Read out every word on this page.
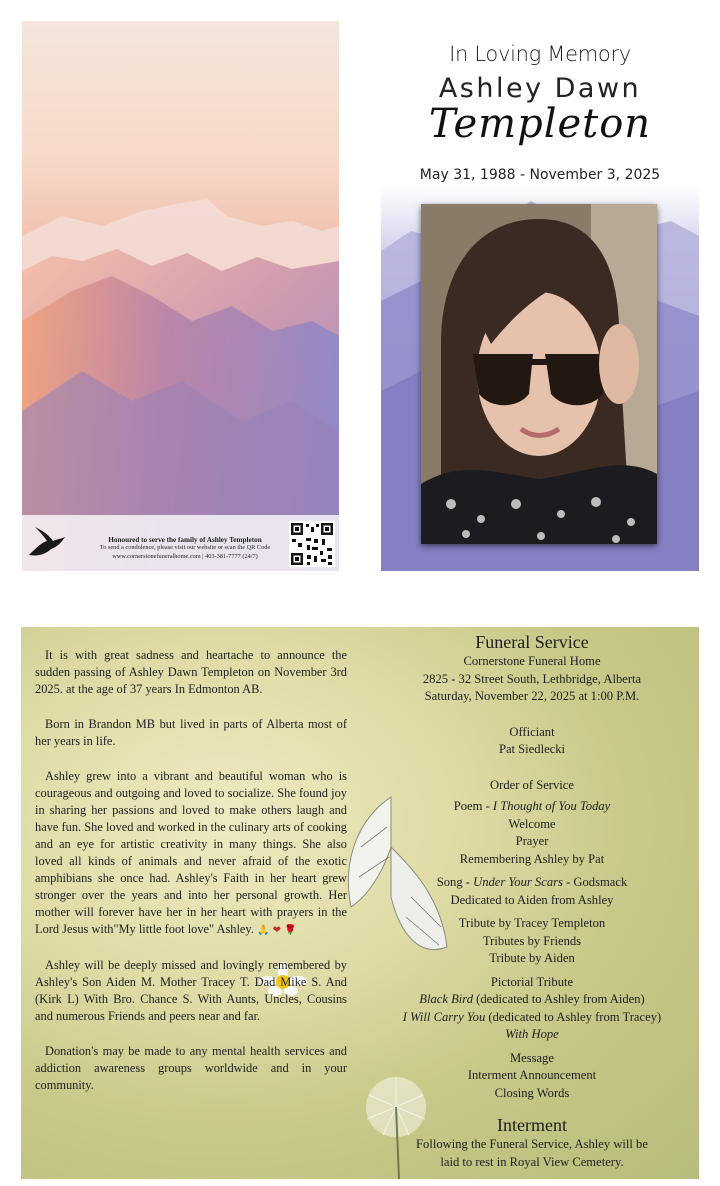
Honoured to serve the family of Ashley Templeton
To send a condolence, please visit our website or scan the QR Code
www.cornerstonefuneralhome.com | 403-381-7777 (24/7)
In Loving Memory
Ashley Dawn
Templeton
May 31, 1988 - November 3, 2025

It is with great sadness and heartache to announce the sudden passing of Ashley Dawn Templeton on November 3rd 2025. at the age of 37 years In Edmonton AB.

Born in Brandon MB but lived in parts of Alberta most of her years in life.

Ashley grew into a vibrant and beautiful woman who is courageous and outgoing and loved to socialize. She found joy in sharing her passions and loved to make others laugh and have fun. She loved and worked in the culinary arts of cooking and an eye for artistic creativity in many things. She also loved all kinds of animals and never afraid of the exotic amphibians she once had. Ashley's Faith in her heart grew stronger over the years and into her personal growth. Her mother will forever have her in her heart with prayers in the Lord Jesus with"My little foot love" Ashley. 🙏 ❤ 🌹

Ashley will be deeply missed and lovingly remembered by Ashley's Son Aiden M. Mother Tracey T. Dad Mike S. And (Kirk L) With Bro. Chance S. With Aunts, Uncles, Cousins and numerous Friends and peers near and far.

Donation's may be made to any mental health services and addiction awareness groups worldwide and in your community.

Funeral Service
Cornerstone Funeral Home
2825 - 32 Street South, Lethbridge, Alberta
Saturday, November 22, 2025 at 1:00 P.M.
Officiant
Pat Siedlecki
Order of Service
Poem - I Thought of You Today
Welcome
Prayer
Remembering Ashley by Pat
Song - Under Your Scars - Godsmack
Dedicated to Aiden from Ashley
Tribute by Tracey Templeton
Tributes by Friends
Tribute by Aiden
Pictorial Tribute
Black Bird (dedicated to Ashley from Aiden)
I Will Carry You (dedicated to Ashley from Tracey)
With Hope
Message
Interment Announcement
Closing Words
Interment
Following the Funeral Service, Ashley will be
laid to rest in Royal View Cemetery.
